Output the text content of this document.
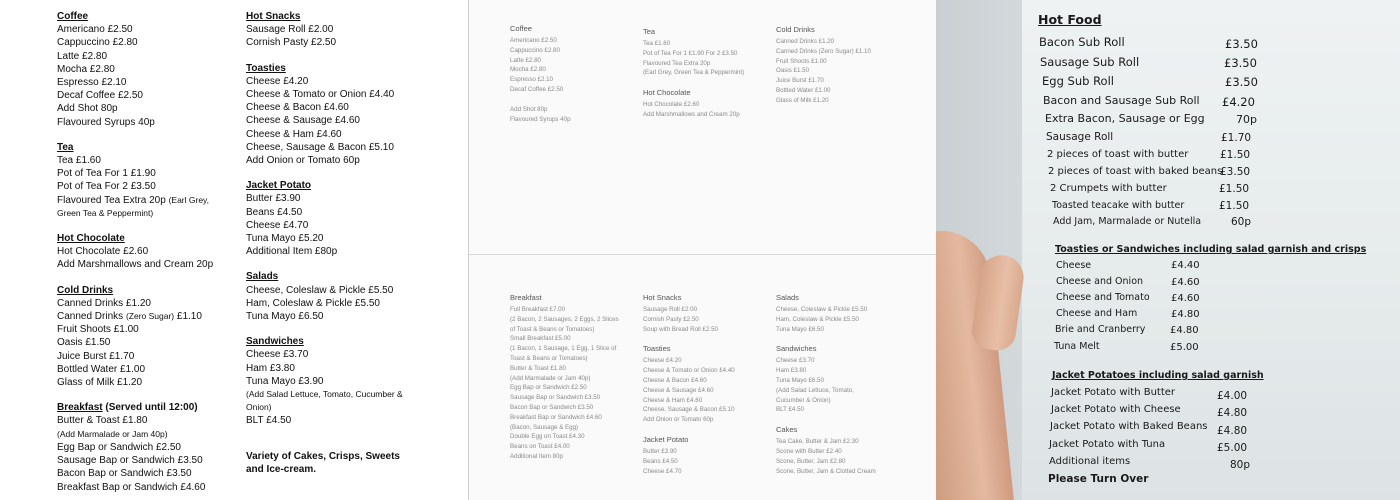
Coffee
Americano £2.50
Cappuccino £2.80
Latte £2.80
Mocha £2.80
Espresso £2.10
Decaf Coffee £2.50
Add Shot 80p
Flavoured Syrups 40p
Tea
Tea £1.60
Pot of Tea For 1 £1.90
Pot of Tea For 2 £3.50
Flavoured Tea Extra 20p (Earl Grey,
Green Tea & Peppermint)
Hot Chocolate
Hot Chocolate £2.60
Add Marshmallows and Cream 20p
Cold Drinks
Canned Drinks £1.20
Canned Drinks (Zero Sugar) £1.10
Fruit Shoots £1.00
Oasis £1.50
Juice Burst £1.70
Bottled Water £1.00
Glass of Milk £1.20
Breakfast (Served until 12:00)
Butter & Toast £1.80
(Add Marmalade or Jam 40p)
Egg Bap or Sandwich £2.50
Sausage Bap or Sandwich £3.50
Bacon Bap or Sandwich £3.50
Breakfast Bap or Sandwich £4.60
Hot Snacks
Sausage Roll £2.00
Cornish Pasty £2.50
Toasties
Cheese £4.20
Cheese & Tomato or Onion £4.40
Cheese & Bacon £4.60
Cheese & Sausage £4.60
Cheese & Ham £4.60
Cheese, Sausage & Bacon £5.10
Add Onion or Tomato 60p
Jacket Potato
Butter £3.90
Beans £4.50
Cheese £4.70
Tuna Mayo £5.20
Additional Item £80p
Salads
Cheese, Coleslaw & Pickle £5.50
Ham, Coleslaw & Pickle £5.50
Tuna Mayo £6.50
Sandwiches
Cheese £3.70
Ham £3.80
Tuna Mayo £3.90
(Add Salad Lettuce, Tomato, Cucumber & Onion)
BLT £4.50
Variety of Cakes, Crisps, Sweets and Ice-cream.
Coffee
Americano £2.50
Cappuccino £2.80
Latte £2.80
Mocha £2.80
Espresso £2.10
Decaf Coffee £2.50
Add Shot 80p
Flavoured Syrups 40p
Tea
Tea £1.60
Pot of Tea For 1 £1.90 For 2 £3.50
Flavoured Tea Extra 20p
(Earl Grey, Green Tea & Peppermint)
Hot Chocolate
Hot Chocolate £2.60
Add Marshmallows and Cream 20p
Cold Drinks
Canned Drinks £1.20
Canned Drinks (Zero Sugar) £1.10
Fruit Shoots £1.00
Oasis £1.50
Juice Burst £1.70
Bottled Water £1.00
Glass of Milk £1.20
Breakfast
Full Breakfast £7.00
(2 Bacon, 2 Sausages, 2 Eggs, 2 Slices
of Toast & Beans or Tomatoes)
Small Breakfast £5.00
(1 Bacon, 1 Sausage, 1 Egg, 1 Slice of
Toast & Beans or Tomatoes)
Butter & Toast £1.80
(Add Marmalade or Jam 40p)
Egg Bap or Sandwich £2.50
Sausage Bap or Sandwich £3.50
Bacon Bap or Sandwich £3.50
Breakfast Bap or Sandwich £4.60
(Bacon, Sausage & Egg)
Double Egg on Toast £4.30
Beans on Toast £4.00
Additional Item 80p
Hot Snacks
Sausage Roll £2.00
Cornish Pasty £2.50
Soup with Bread Roll £2.50
Toasties
Cheese £4.20
Cheese & Tomato or Onion £4.40
Cheese & Bacon £4.60
Cheese & Sausage £4.60
Cheese & Ham £4.60
Cheese, Sausage & Bacon £5.10
Add Onion or Tomato 60p
Jacket Potato
Butter £3.90
Beans £4.50
Cheese £4.70
Salads
Cheese, Coleslaw & Pickle £5.50
Ham, Coleslaw & Pickle £5.50
Tuna Mayo £6.50
Sandwiches
Cheese £3.70
Ham £3.80
Tuna Mayo £6.50
(Add Salad Lettuce, Tomato,
Cucumber & Onion)
BLT £4.50
Cakes
Tea Cake, Butter & Jam £2.30
Scone with Butter £2.40
Scone, Butter, Jam £2.80
Scone, Butter, Jam & Clotted Cream
Hot Food
Bacon Sub Roll	£3.50
Sausage Sub Roll	£3.50
Egg Sub Roll	£3.50
Bacon and Sausage Sub Roll £4.20
Extra Bacon, Sausage or Egg	70p
Sausage Roll	£1.70
2 pieces of toast with butter	£1.50
2 pieces of toast with baked beans
£3.50
2 Crumpets with butter	£1.50
Toasted teacake with butter	£1.50
Add Jam, Marmalade or Nutella	60p
Toasties or Sandwiches including salad garnish and crisps
Cheese	£4.40
Cheese and Onion	£4.60
Cheese and Tomato £4.60
Cheese and Ham	£4.80
Brie and Cranberry £4.80
Tuna Melt	£5.00
Jacket Potatoes including salad garnish
Jacket Potato with Butter	£4.00
Jacket Potato with Cheese	£4.80
Jacket Potato with Baked Beans £4.80
Jacket Potato with Tuna	£5.00
Additional items	80p
Please Turn Over
